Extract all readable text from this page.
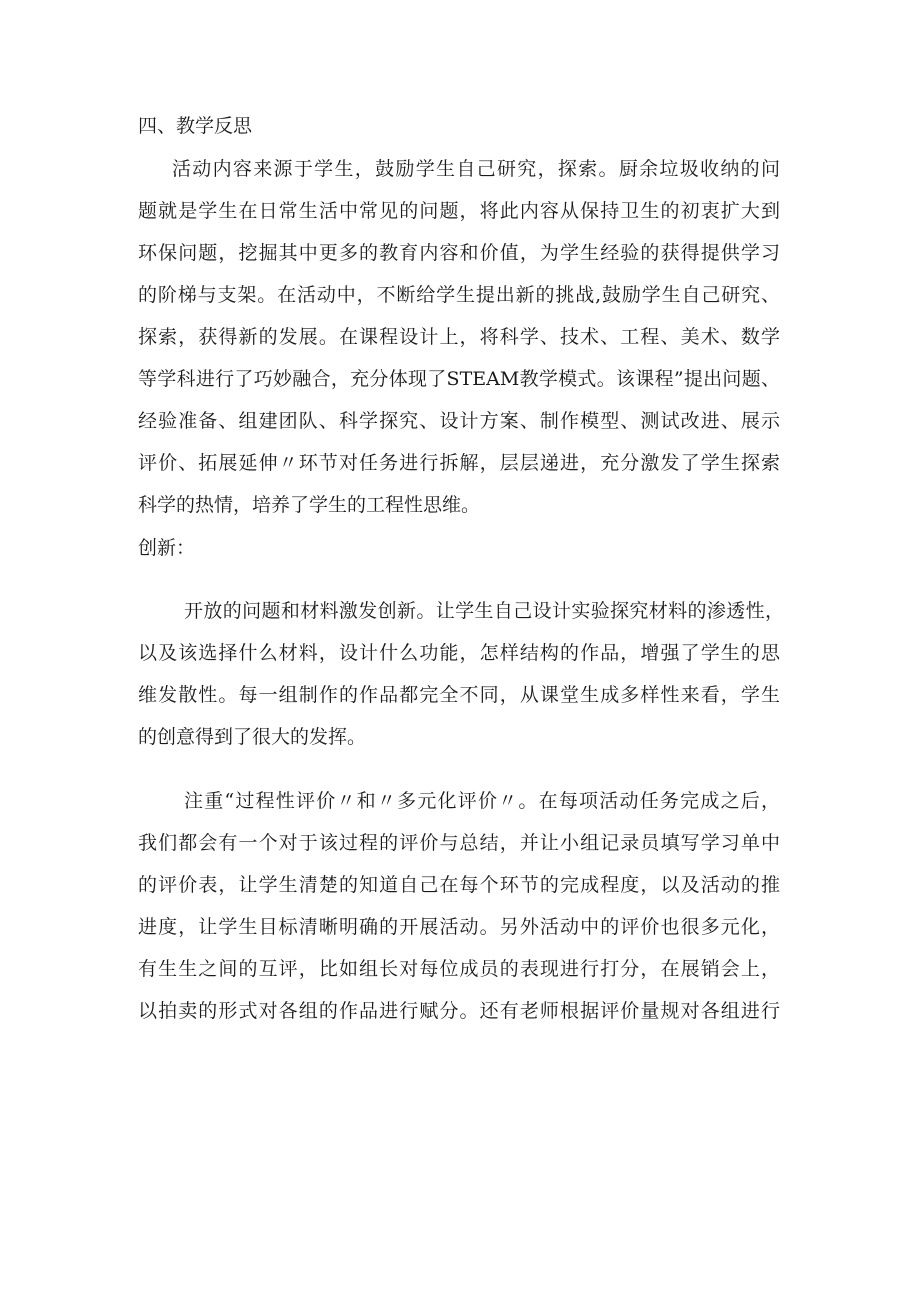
四、教学反思
活动内容来源于学生，鼓励学生自己研究，探索。厨余垃圾收纳的问
题就是学生在日常生活中常见的问题，将此内容从保持卫生的初衷扩大到
环保问题，挖掘其中更多的教育内容和价值，为学生经验的获得提供学习
的阶梯与支架。在活动中，不断给学生提出新的挑战,鼓励学生自己研究、
探索，获得新的发展。在课程设计上，将科学、技术、工程、美术、数学
等学科进行了巧妙融合，充分体现了STEAM教学模式。该课程”提出问题、
经验准备、组建团队、科学探究、设计方案、制作模型、测试改进、展示
评价、拓展延伸〃环节对任务进行拆解，层层递进，充分激发了学生探索
科学的热情，培养了学生的工程性思维。
创新：
开放的问题和材料激发创新。让学生自己设计实验探究材料的渗透性，
以及该选择什么材料，设计什么功能，怎样结构的作品，增强了学生的思
维发散性。每一组制作的作品都完全不同，从课堂生成多样性来看，学生
的创意得到了很大的发挥。
注重“过程性评价〃和〃多元化评价〃。在每项活动任务完成之后，
我们都会有一个对于该过程的评价与总结，并让小组记录员填写学习单中
的评价表，让学生清楚的知道自己在每个环节的完成程度，以及活动的推
进度，让学生目标清晰明确的开展活动。另外活动中的评价也很多元化，
有生生之间的互评，比如组长对每位成员的表现进行打分，在展销会上，
以拍卖的形式对各组的作品进行赋分。还有老师根据评价量规对各组进行
